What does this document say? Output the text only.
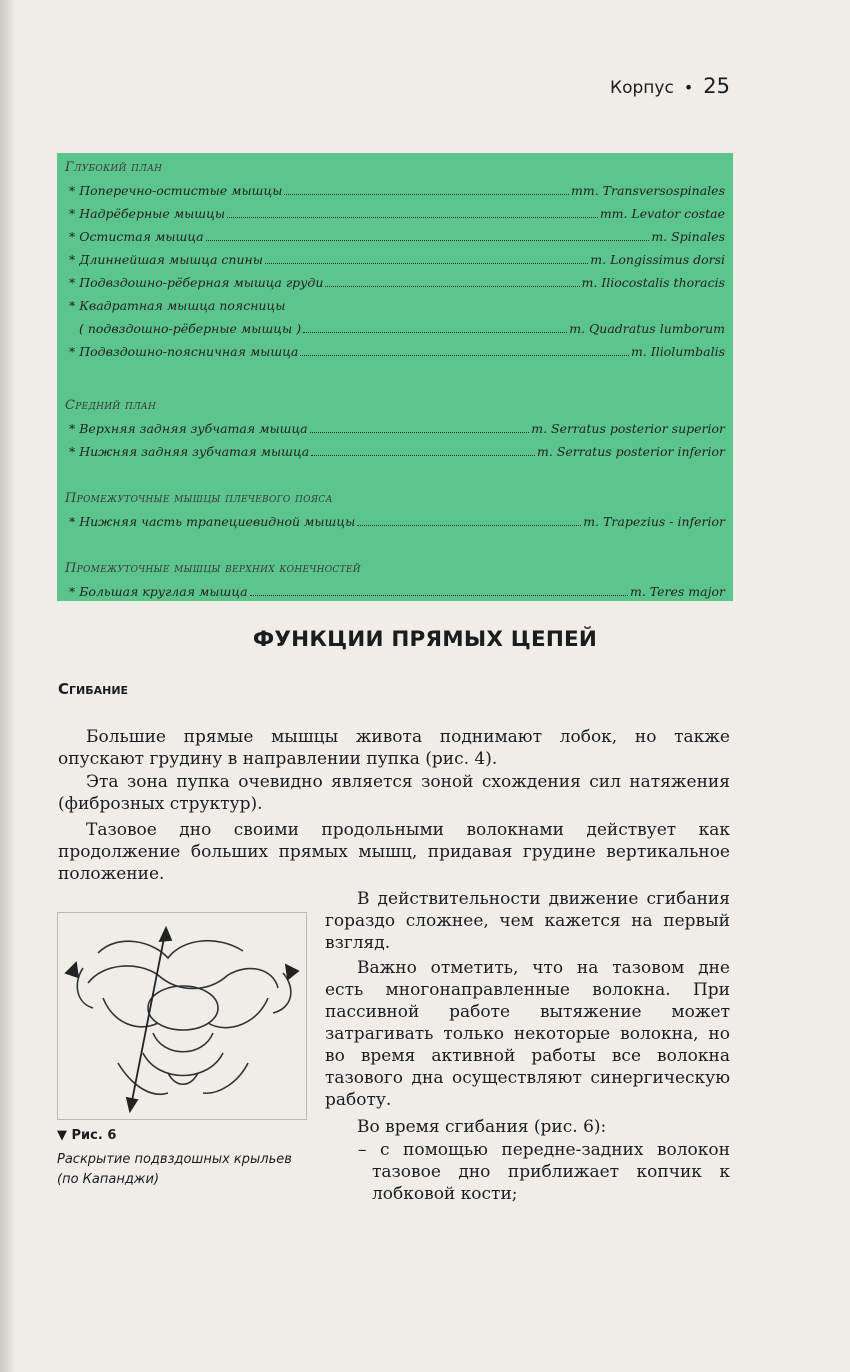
Корпус • 25
Глубокий план
* Поперечно-остистые мышцы	mm. Transversospinales
* Надрёберные мышцы	mm. Levator costae
* Остистая мышца	m. Spinales
* Длиннейшая мышца спины	m. Longissimus dorsi
* Подвздошно-рёберная мышца груди	m. Iliocostalis thoracis
* Квадратная мышца поясницы
( подвздошно-рёберные мышцы )	m. Quadratus lumborum
* Подвздошно-поясничная мышца	m. Iliolumbalis
Средний план
* Верхняя задняя зубчатая мышца	m. Serratus posterior superior
* Нижняя задняя зубчатая мышца	m. Serratus posterior inferior
Промежуточные мышцы плечевого пояса
* Нижняя часть трапециевидной мышцы	m. Trapezius - inferior
Промежуточные мышцы верхних конечностей
* Большая круглая мышца	m. Teres major
ФУНКЦИИ ПРЯМЫХ ЦЕПЕЙ
Сгибание

Большие прямые мышцы живота поднимают лобок, но также опускают грудину в направлении пупка (рис. 4).

Эта зона пупка очевидно является зоной схождения сил натяжения (фиброзных структур).

Тазовое дно своими продольными волокнами действует как продолжение больших прямых мышц, придавая грудине вертикальное положение.

В действительности движение сгибания гораздо сложнее, чем кажется на первый взгляд.

Важно отметить, что на тазовом дне есть многонаправленные волокна. При пассивной работе вытяжение может затрагивать только некоторые волокна, но во время активной работы все волокна тазового дна осуществляют синергическую работу.

Во время сгибания (рис. 6):

– с помощью передне-задних волокон тазовое дно приближает копчик к лобковой кости;

▼ Рис. 6

Раскрытие подвздошных крыльев (по Капанджи)
